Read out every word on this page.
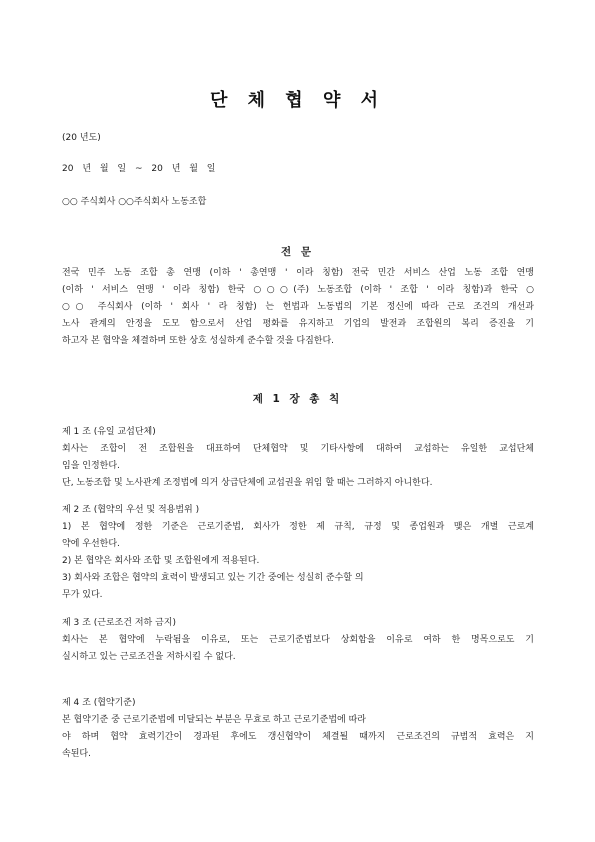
단 체 협 약 서
(20 년도)
20 년 월 일 ~ 20 년 월 일
○○ 주식회사 ○○주식회사 노동조합
전 문
전국 민주 노동 조합 총 연맹 (이하 ' 총연맹 ' 이라 칭함) 전국 민간 서비스 산업 노동 조합 연맹
(이하 ' 서비스 연맹 ' 이라 칭함) 한국 ○○○(주) 노동조합 (이하 ' 조합 ' 이라 칭함)과 한국 ○
○○ 주식회사 (이하 ' 회사 ' 라 칭함) 는 헌법과 노동법의 기본 정신에 따라 근로 조건의 개선과
노사 관계의 안정을 도모 함으로서 산업 평화를 유지하고 기업의 발전과 조합원의 복리 증진을 기
하고자 본 협약을 체결하며 또한 상호 성실하게 준수할 것을 다짐한다.
제 1 장 총 칙
제 1 조 (유일 교섭단체)
회사는 조합이 전 조합원을 대표하여 단체협약 및 기타사항에 대하여 교섭하는 유일한 교섭단체
임을 인정한다.
단, 노동조합 및 노사관계 조정법에 의거 상급단체에 교섭권을 위임 할 때는 그러하지 아니한다.
제 2 조 (협약의 우선 및 적용범위 )
1) 본 협약에 정한 기준은 근로기준법, 회사가 정한 제 규칙, 규정 및 종업원과 맺은 개별 근로계
약에 우선한다.
2) 본 협약은 회사와 조합 및 조합원에게 적용된다.
3) 회사와 조합은 협약의 효력이 발생되고 있는 기간 중에는 성실히 준수할 의
무가 있다.
제 3 조 (근로조건 저하 금지)
회사는 본 협약에 누락됨을 이유로, 또는 근로기준법보다 상회함을 이유로 여하 한 명목으로도 기
실시하고 있는 근로조건을 저하시킬 수 없다.
제 4 조 (협약기준)
본 협약기준 중 근로기준법에 미달되는 부분은 무효로 하고 근로기준법에 따라
야 하며 협약 효력기간이 경과된 후에도 갱신협약이 체결될 때까지 근로조건의 규범적 효력은 지
속된다.
